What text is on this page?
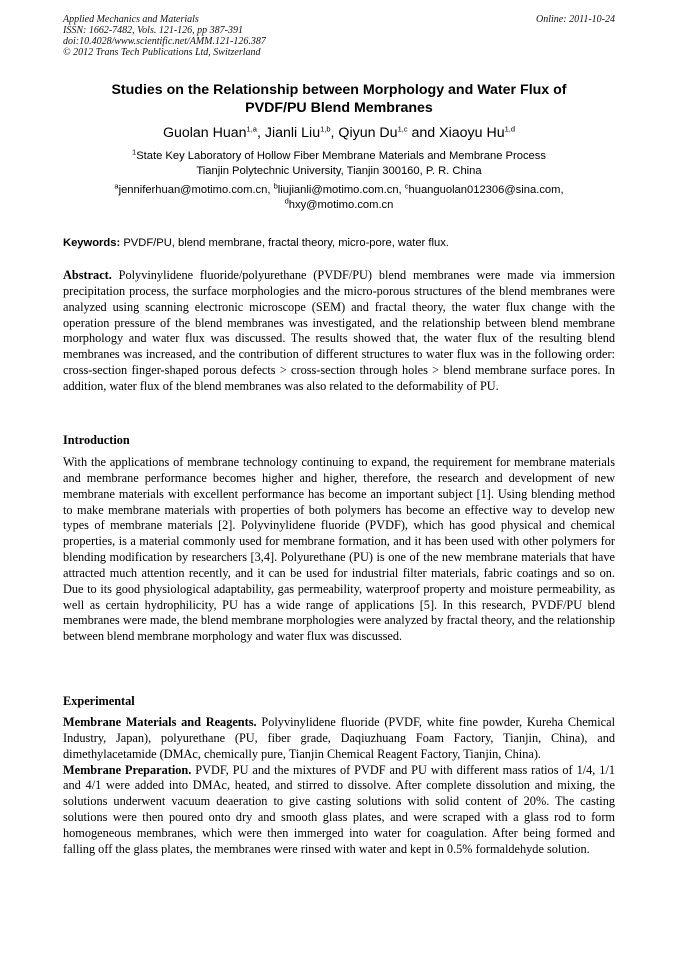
Applied Mechanics and Materials
ISSN: 1662-7482, Vols. 121-126, pp 387-391
doi:10.4028/www.scientific.net/AMM.121-126.387
© 2012 Trans Tech Publications Ltd, Switzerland
Online: 2011-10-24
Studies on the Relationship between Morphology and Water Flux of
PVDF/PU Blend Membranes
Guolan Huan$^{1,a}$, Jianli Liu$^{1,b}$, Qiyun Du$^{1,c}$ and Xiaoyu Hu$^{1,d}$
$^1$State Key Laboratory of Hollow Fiber Membrane Materials and Membrane Process
Tianjin Polytechnic University, Tianjin 300160, P. R. China
$^a$jenniferhuan@motimo.com.cn, $^b$liujianli@motimo.com.cn, $^c$huanguolan012306@sina.com,
$^d$hxy@motimo.com.cn
Keywords: PVDF/PU, blend membrane, fractal theory, micro-pore, water flux.
Abstract. Polyvinylidene fluoride/polyurethane (PVDF/PU) blend membranes were made via immersion precipitation process, the surface morphologies and the micro-porous structures of the blend membranes were analyzed using scanning electronic microscope (SEM) and fractal theory, the water flux change with the operation pressure of the blend membranes was investigated, and the relationship between blend membrane morphology and water flux was discussed. The results showed that, the water flux of the resulting blend membranes was increased, and the contribution of different structures to water flux was in the following order: cross-section finger-shaped porous defects > cross-section through holes > blend membrane surface pores. In addition, water flux of the blend membranes was also related to the deformability of PU.
Introduction
With the applications of membrane technology continuing to expand, the requirement for membrane materials and membrane performance becomes higher and higher, therefore, the research and development of new membrane materials with excellent performance has become an important subject [1]. Using blending method to make membrane materials with properties of both polymers has become an effective way to develop new types of membrane materials [2]. Polyvinylidene fluoride (PVDF), which has good physical and chemical properties, is a material commonly used for membrane formation, and it has been used with other polymers for blending modification by researchers [3,4]. Polyurethane (PU) is one of the new membrane materials that have attracted much attention recently, and it can be used for industrial filter materials, fabric coatings and so on. Due to its good physiological adaptability, gas permeability, waterproof property and moisture permeability, as well as certain hydrophilicity, PU has a wide range of applications [5]. In this research, PVDF/PU blend membranes were made, the blend membrane morphologies were analyzed by fractal theory, and the relationship between blend membrane morphology and water flux was discussed.
Experimental

Membrane Materials and Reagents. Polyvinylidene fluoride (PVDF, white fine powder, Kureha Chemical Industry, Japan), polyurethane (PU, fiber grade, Daqiuzhuang Foam Factory, Tianjin, China), and dimethylacetamide (DMAc, chemically pure, Tianjin Chemical Reagent Factory, Tianjin, China).

Membrane Preparation. PVDF, PU and the mixtures of PVDF and PU with different mass ratios of 1/4, 1/1 and 4/1 were added into DMAc, heated, and stirred to dissolve. After complete dissolution and mixing, the solutions underwent vacuum deaeration to give casting solutions with solid content of 20%. The casting solutions were then poured onto dry and smooth glass plates, and were scraped with a glass rod to form homogeneous membranes, which were then immerged into water for coagulation. After being formed and falling off the glass plates, the membranes were rinsed with water and kept in 0.5% formaldehyde solution.
